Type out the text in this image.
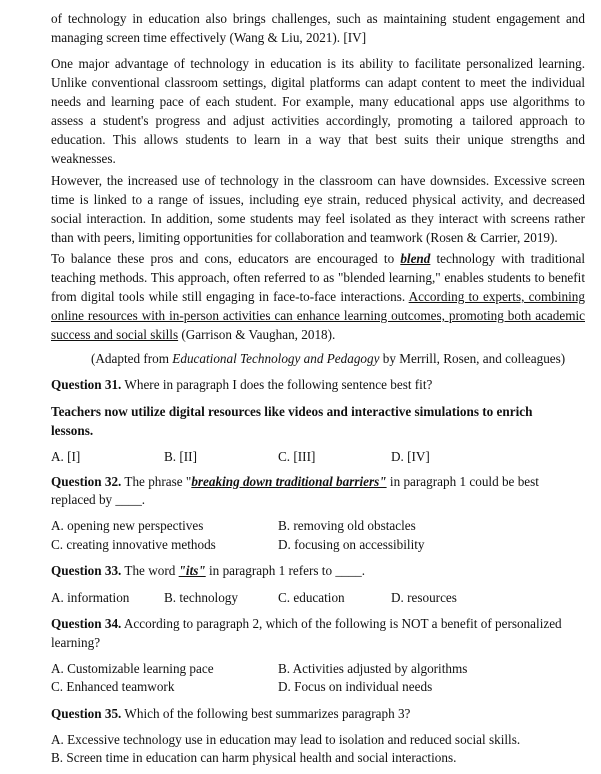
of technology in education also brings challenges, such as maintaining student engagement and managing screen time effectively (Wang & Liu, 2021). [IV]

One major advantage of technology in education is its ability to facilitate personalized learning. Unlike conventional classroom settings, digital platforms can adapt content to meet the individual needs and learning pace of each student. For example, many educational apps use algorithms to assess a student's progress and adjust activities accordingly, promoting a tailored approach to education. This allows students to learn in a way that best suits their unique strengths and weaknesses.

However, the increased use of technology in the classroom can have downsides. Excessive screen time is linked to a range of issues, including eye strain, reduced physical activity, and decreased social interaction. In addition, some students may feel isolated as they interact with screens rather than with peers, limiting opportunities for collaboration and teamwork (Rosen & Carrier, 2019).

To balance these pros and cons, educators are encouraged to blend technology with traditional teaching methods. This approach, often referred to as "blended learning," enables students to benefit from digital tools while still engaging in face-to-face interactions. According to experts, combining online resources with in-person activities can enhance learning outcomes, promoting both academic success and social skills (Garrison & Vaughan, 2018).

(Adapted from Educational Technology and Pedagogy by Merrill, Rosen, and colleagues)
Question 31. Where in paragraph I does the following sentence best fit?

Teachers now utilize digital resources like videos and interactive simulations to enrich lessons.

A. [I]	B. [II]	C. [III]	D. [IV]
Question 32. The phrase "breaking down traditional barriers" in paragraph 1 could be best
replaced by ____.
A. opening new perspectives	B. removing old obstacles
C. creating innovative methods	D. focusing on accessibility
Question 33. The word "its" in paragraph 1 refers to ____.
A. information	B. technology	C. education	D. resources

Question 34. According to paragraph 2, which of the following is NOT a benefit of personalized learning?

A. Customizable learning pace	B. Activities adjusted by algorithms
C. Enhanced teamwork	D. Focus on individual needs
Question 35. Which of the following best summarizes paragraph 3?
A. Excessive technology use in education may lead to isolation and reduced social skills.
B. Screen time in education can harm physical health and social interactions.
